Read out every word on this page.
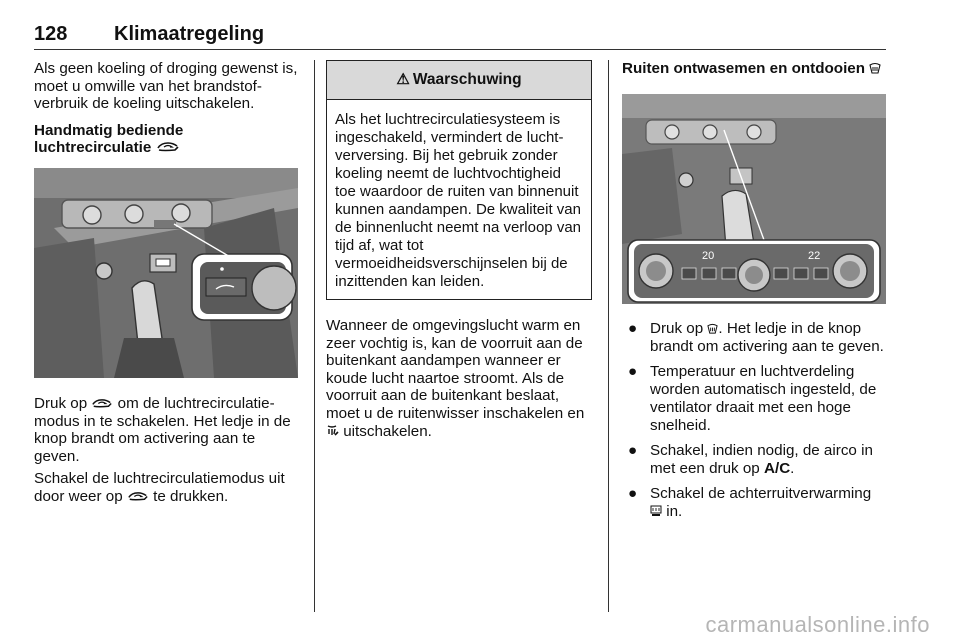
128 Klimaatregeling

Als geen koeling of droging gewenst is, moet u omwille van het brandstof-verbruik de koeling uitschakelen.

Handmatig bediende
luchtrecirculatie

Druk op om de luchtrecirculatie-modus in te schakelen. Het ledje in de knop brandt om activering aan te geven.

Schakel de luchtrecirculatiemodus uit door weer op te drukken.

⚠ Waarschuwing
Als het luchtrecirculatiesysteem is ingeschakeld, vermindert de lucht-verversing. Bij het gebruik zonder koeling neemt de luchtvochtigheid toe waardoor de ruiten van binnenuit kunnen aandampen. De kwaliteit van de binnenlucht neemt na verloop van tijd af, wat tot vermoeidheidsverschijnselen bij de inzittenden kan leiden.

Wanneer de omgevingslucht warm en zeer vochtig is, kan de voorruit aan de buitenkant aandampen wanneer er koude lucht naartoe stroomt. Als de voorruit aan de buitenkant beslaat, moet u de ruitenwisser inschakelen en  uitschakelen.

Ruiten ontwasemen en ontdooien

20	22
● Druk op . Het ledje in de knop brandt om activering aan te geven.
● Temperatuur en luchtverdeling worden automatisch ingesteld, de ventilator draait met een hoge snelheid.
● Schakel, indien nodig, de airco in met een druk op A/C.
● Schakel de achterruitverwarming
in.
carmanualsonline.info
